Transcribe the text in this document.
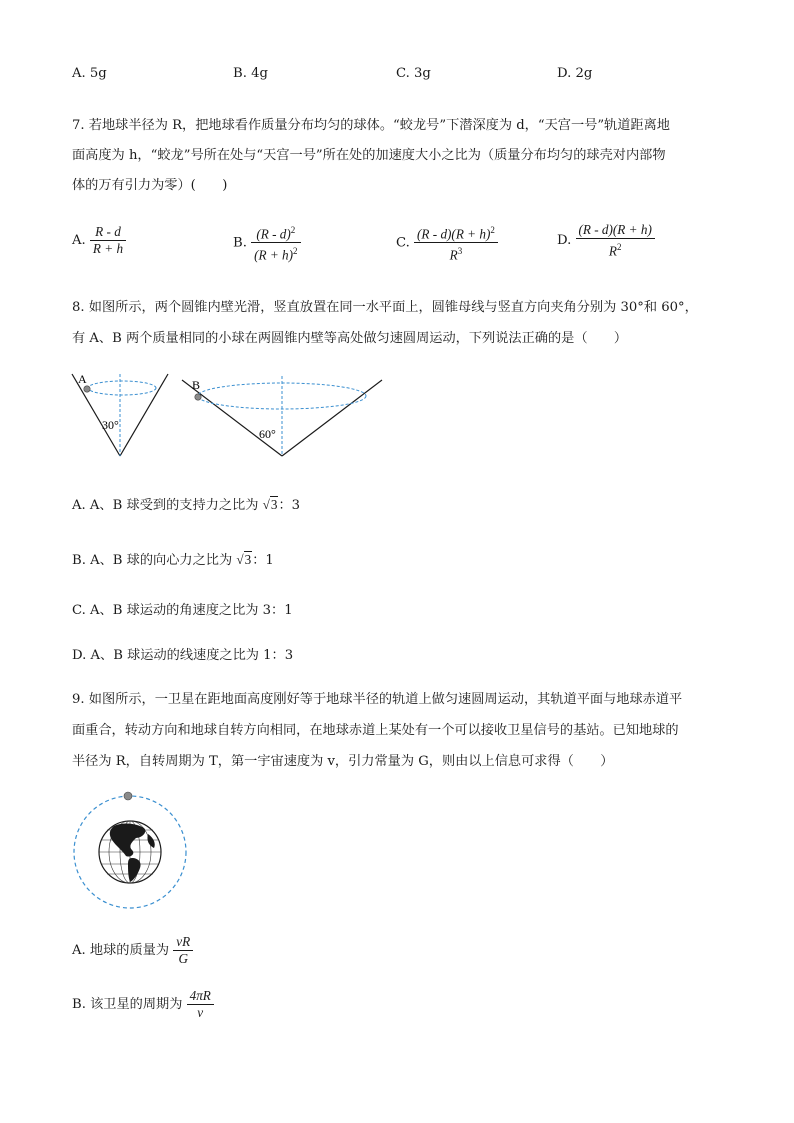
A. 5g	B. 4g	C. 3g	D. 2g
7. 若地球半径为 R，把地球看作质量分布均匀的球体。“蛟龙号”下潜深度为 d，“天宫一号”轨道距离地
面高度为 h，“蛟龙”号所在处与“天宫一号”所在处的加速度大小之比为（质量分布均匀的球壳对内部物
体的万有引力为零）(　　)
A. $\frac{R - d}{R + h}$	B. $\frac{(R - d)^2}{(R + h)^2}$	C. $\frac{(R - d)(R + h)^2}{R^3}$	D. $\frac{(R - d)(R + h)}{R^2}$
8. 如图所示，两个圆锥内壁光滑，竖直放置在同一水平面上，圆锥母线与竖直方向夹角分别为 30°和 60°，
有 A、B 两个质量相同的小球在两圆锥内壁等高处做匀速圆周运动，下列说法正确的是（　　）
A
30°
B
60°
A. A、B 球受到的支持力之比为 √3：3
B. A、B 球的向心力之比为 √3：1
C. A、B 球运动的角速度之比为 3：1
D. A、B 球运动的线速度之比为 1：3
9. 如图所示，一卫星在距地面高度刚好等于地球半径的轨道上做匀速圆周运动，其轨道平面与地球赤道平
面重合，转动方向和地球自转方向相同，在地球赤道上某处有一个可以接收卫星信号的基站。已知地球的
半径为 R，自转周期为 T，第一宇宙速度为 v，引力常量为 G，则由以上信息可求得（　　）
A. 地球的质量为 $\frac{vR}{G}$
B. 该卫星的周期为 $\frac{4\pi R}{v}$
